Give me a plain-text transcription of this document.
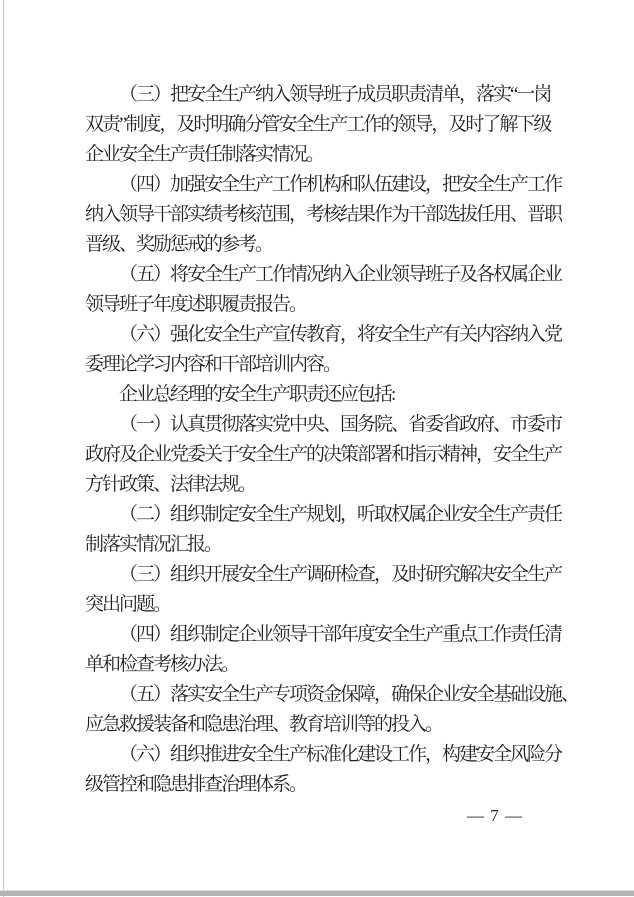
（三）把安全生产纳入领导班子成员职责清单，落实“一岗
双责”制度，及时明确分管安全生产工作的领导，及时了解下级
企业安全生产责任制落实情况。
（四）加强安全生产工作机构和队伍建设，把安全生产工作
纳入领导干部实绩考核范围，考核结果作为干部选拔任用、晋职
晋级、奖励惩戒的参考。
（五）将安全生产工作情况纳入企业领导班子及各权属企业
领导班子年度述职履责报告。
（六）强化安全生产宣传教育，将安全生产有关内容纳入党
委理论学习内容和干部培训内容。
企业总经理的安全生产职责还应包括:
（一）认真贯彻落实党中央、国务院、省委省政府、市委市
政府及企业党委关于安全生产的决策部署和指示精神，安全生产
方针政策、法律法规。
（二）组织制定安全生产规划，听取权属企业安全生产责任
制落实情况汇报。
（三）组织开展安全生产调研检查，及时研究解决安全生产
突出问题。
（四）组织制定企业领导干部年度安全生产重点工作责任清
单和检查考核办法。
（五）落实安全生产专项资金保障，确保企业安全基础设施、
应急救援装备和隐患治理、教育培训等的投入。
（六）组织推进安全生产标准化建设工作，构建安全风险分
级管控和隐患排查治理体系。
— 7 —
